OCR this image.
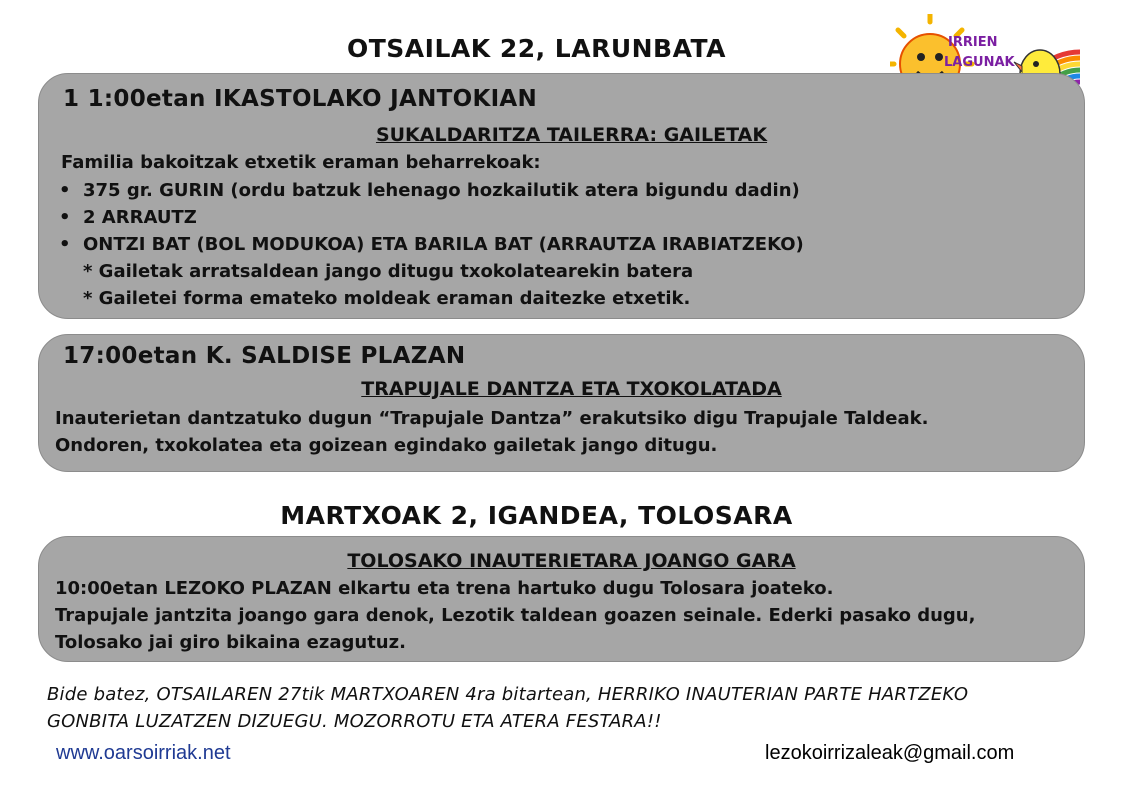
OTSAILAK 22, LARUNBATA	IRRIEN
LAGUNAK
1 1:00etan IKASTOLAKO JANTOKIAN
SUKALDARITZA TAILERRA: GAILETAK
Familia bakoitzak etxetik eraman beharrekoak:
• 375 gr. GURIN (ordu batzuk lehenago hozkailutik atera bigundu dadin)
• 2 ARRAUTZ
• ONTZI BAT (BOL MODUKOA) ETA BARILA BAT (ARRAUTZA IRABIATZEKO)
* Gailetak arratsaldean jango ditugu txokolatearekin batera
* Gailetei forma emateko moldeak eraman daitezke etxetik.
17:00etan K. SALDISE PLAZAN
TRAPUJALE DANTZA ETA TXOKOLATADA
Inauterietan dantzatuko dugun “Trapujale Dantza” erakutsiko digu Trapujale Taldeak.
Ondoren, txokolatea eta goizean egindako gailetak jango ditugu.
MARTXOAK 2, IGANDEA, TOLOSARA
TOLOSAKO INAUTERIETARA JOANGO GARA
10:00etan LEZOKO PLAZAN elkartu eta trena hartuko dugu Tolosara joateko.
Trapujale jantzita joango gara denok, Lezotik taldean goazen seinale. Ederki pasako dugu,
Tolosako jai giro bikaina ezagutuz.
Bide batez, OTSAILAREN 27tik MARTXOAREN 4ra bitartean, HERRIKO INAUTERIAN PARTE HARTZEKO
GONBITA LUZATZEN DIZUEGU. MOZORROTU ETA ATERA FESTARA!!
www.oarsoirriak.net	lezokoirrizaleak@gmail.com
